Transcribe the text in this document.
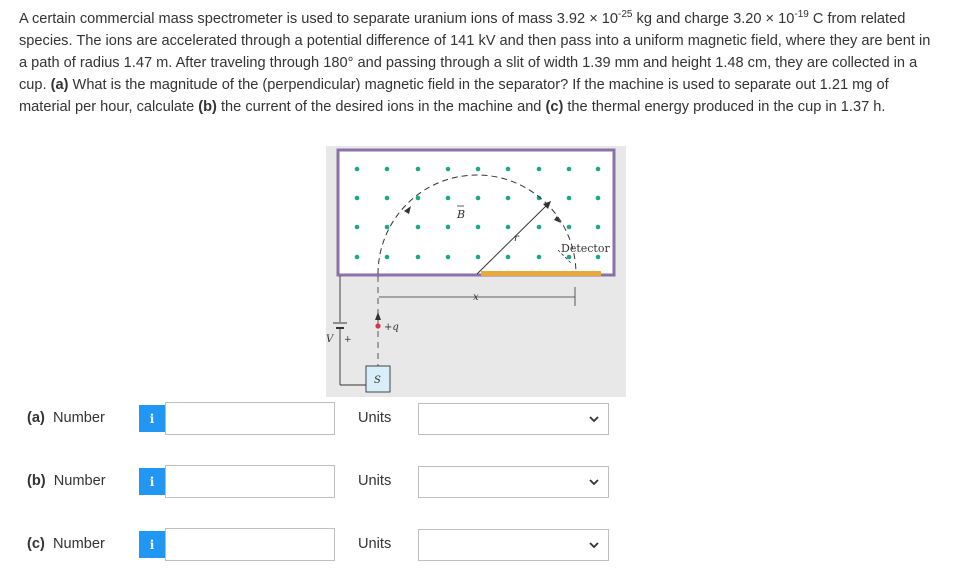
A certain commercial mass spectrometer is used to separate uranium ions of mass $3.92 \times 10^{-25}$ kg and charge $3.20 \times 10^{-19}$ C from related species. The ions are accelerated through a potential difference of 141 kV and then pass into a uniform magnetic field, where they are bent in a path of radius 1.47 m. After traveling through 180° and passing through a slit of width 1.39 mm and height 1.48 cm, they are collected in a cup. (a) What is the magnitude of the (perpendicular) magnetic field in the separator? If the machine is used to separate out 1.21 mg of material per hour, calculate (b) the current of the desired ions in the machine and (c) the thermal energy produced in the cup in 1.37 h.
B
r
Detector
x
+q
V +
S
(a) Number	i	Units
(b) Number	i	Units
(c) Number	i	Units
